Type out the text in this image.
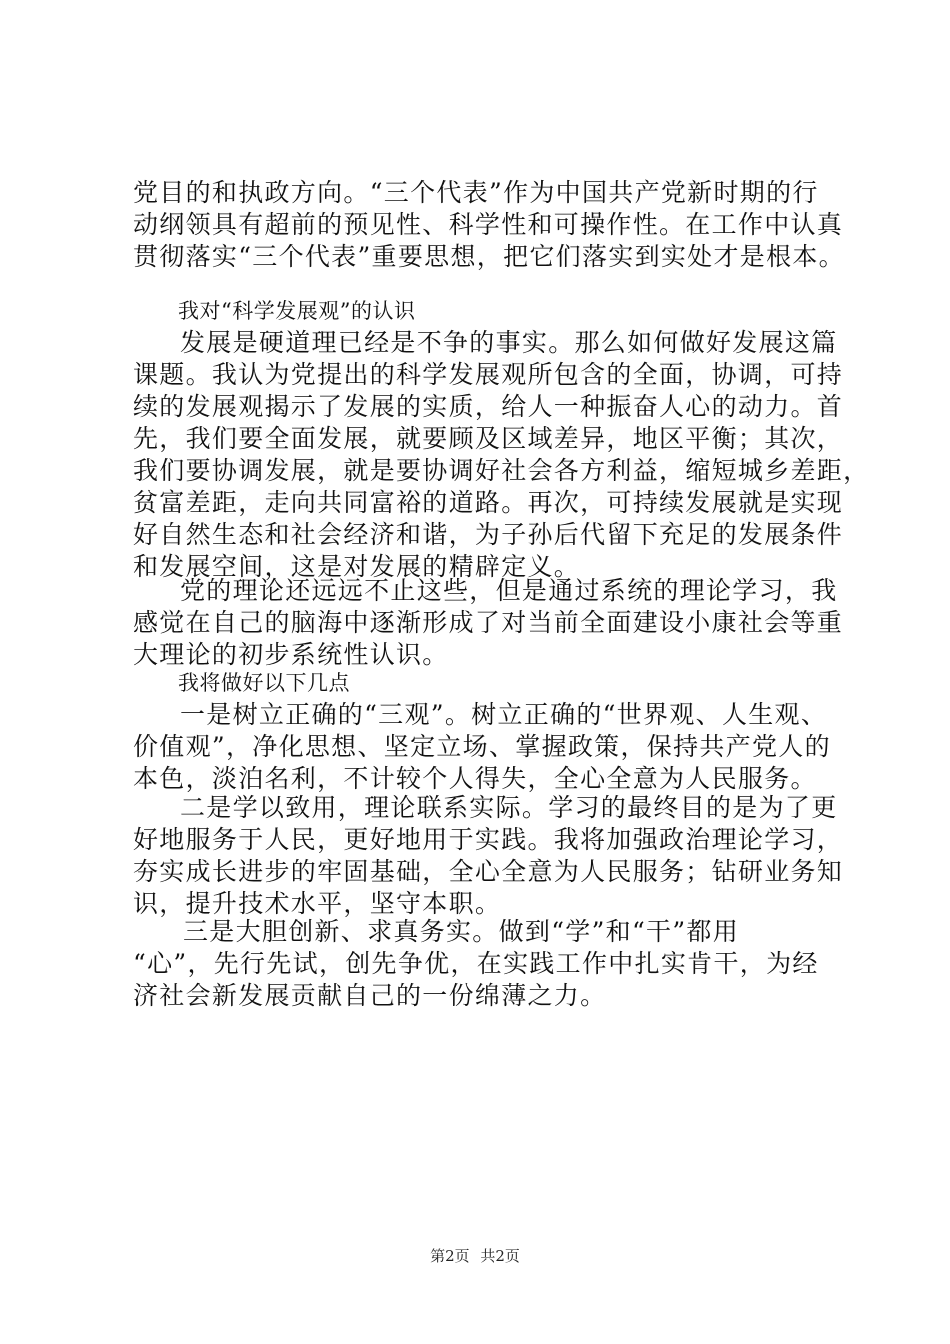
党目的和执政方向。“三个代表”作为中国共产党新时期的行
动纲领具有超前的预见性、科学性和可操作性。在工作中认真
贯彻落实“三个代表”重要思想，把它们落实到实处才是根本。
我对“科学发展观”的认识
发展是硬道理已经是不争的事实。那么如何做好发展这篇
课题。我认为党提出的科学发展观所包含的全面，协调，可持
续的发展观揭示了发展的实质，给人一种振奋人心的动力。首
先，我们要全面发展，就要顾及区域差异，地区平衡；其次，
我们要协调发展，就是要协调好社会各方利益，缩短城乡差距，
贫富差距，走向共同富裕的道路。再次，可持续发展就是实现
好自然生态和社会经济和谐，为子孙后代留下充足的发展条件
和发展空间，这是对发展的精辟定义。
党的理论还远远不止这些，但是通过系统的理论学习，我
感觉在自己的脑海中逐渐形成了对当前全面建设小康社会等重
大理论的初步系统性认识。
我将做好以下几点
一是树立正确的“三观”。树立正确的“世界观、人生观、
价值观”，净化思想、坚定立场、掌握政策，保持共产党人的
本色，淡泊名利，不计较个人得失，全心全意为人民服务。
二是学以致用，理论联系实际。学习的最终目的是为了更
好地服务于人民，更好地用于实践。我将加强政治理论学习，
夯实成长进步的牢固基础，全心全意为人民服务；钻研业务知
识，提升技术水平，坚守本职。
三是大胆创新、求真务实。做到“学”和“干”都用
“心”，先行先试，创先争优，在实践工作中扎实肯干，为经
济社会新发展贡献自己的一份绵薄之力。
第2页 共2页
